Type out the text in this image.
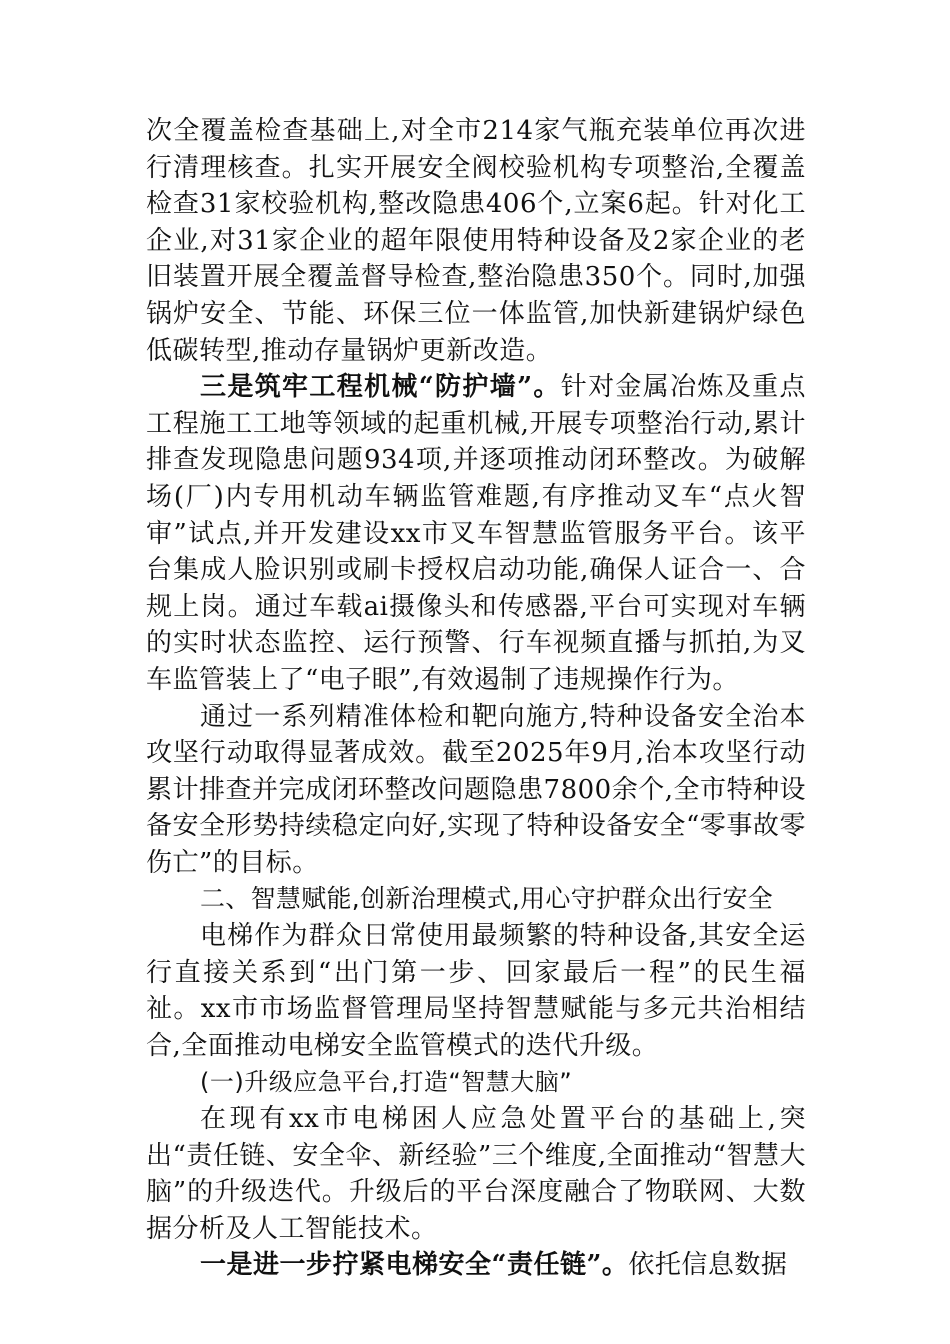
次全覆盖检查基础上,对全市214家气瓶充装单位再次进行清理核查。扎实开展安全阀校验机构专项整治,全覆盖检查31家校验机构,整改隐患406个,立案6起。针对化工企业,对31家企业的超年限使用特种设备及2家企业的老旧装置开展全覆盖督导检查,整治隐患350个。同时,加强锅炉安全、节能、环保三位一体监管,加快新建锅炉绿色低碳转型,推动存量锅炉更新改造。

三是筑牢工程机械“防护墙”。针对金属冶炼及重点工程施工工地等领域的起重机械,开展专项整治行动,累计排查发现隐患问题934项,并逐项推动闭环整改。为破解场(厂)内专用机动车辆监管难题,有序推动叉车“点火智审”试点,并开发建设xx市叉车智慧监管服务平台。该平台集成人脸识别或刷卡授权启动功能,确保人证合一、合规上岗。通过车载ai摄像头和传感器,平台可实现对车辆的实时状态监控、运行预警、行车视频直播与抓拍,为叉车监管装上了“电子眼”,有效遏制了违规操作行为。

通过一系列精准体检和靶向施方,特种设备安全治本攻坚行动取得显著成效。截至2025年9月,治本攻坚行动累计排查并完成闭环整改问题隐患7800余个,全市特种设备安全形势持续稳定向好,实现了特种设备安全“零事故零伤亡”的目标。

二、智慧赋能,创新治理模式,用心守护群众出行安全

电梯作为群众日常使用最频繁的特种设备,其安全运行直接关系到“出门第一步、回家最后一程”的民生福祉。xx市市场监督管理局坚持智慧赋能与多元共治相结合,全面推动电梯安全监管模式的迭代升级。

(一)升级应急平台,打造“智慧大脑”

在现有xx市电梯困人应急处置平台的基础上,突出“责任链、安全伞、新经验”三个维度,全面推动“智慧大脑”的升级迭代。升级后的平台深度融合了物联网、大数据分析及人工智能技术。

一是进一步拧紧电梯安全“责任链”。依托信息数据
